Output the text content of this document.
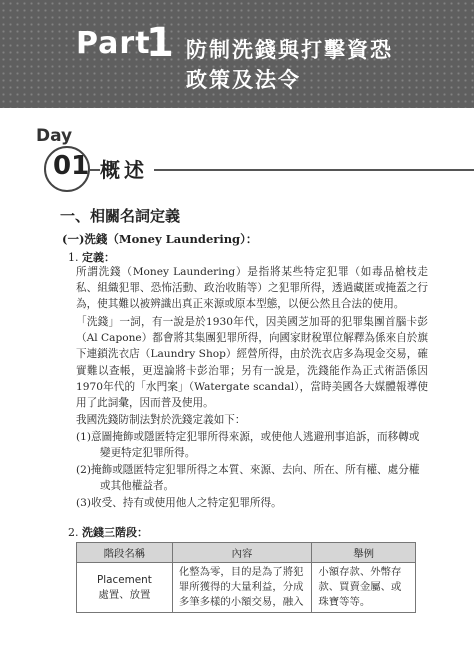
Part
1 防制洗錢與打擊資恐
政策及法令
Day
01 概述
一、相關名詞定義
(一)洗錢（Money Laundering）：
1. 定義：

所謂洗錢（Money Laundering）是指將某些特定犯罪（如毒品槍枝走私、組織犯罪、恐怖活動、政治收賄等）之犯罪所得，透過藏匿或掩蓋之行為，使其難以被辨識出真正來源或原本型態，以便公然且合法的使用。

「洗錢」一詞，有一說是於1930年代，因美國芝加哥的犯罪集團首腦卡彭（Al Capone）都會將其集團犯罪所得，向國家財稅單位解釋為係來自於旗下連鎖洗衣店（Laundry Shop）經營所得，由於洗衣店多為現金交易，確實難以查帳，更遑論將卡彭治罪；另有一說是，洗錢能作為正式術語係因1970年代的「水門案」（Watergate scandal），當時美國各大媒體報導使用了此詞彙，因而普及使用。

我國洗錢防制法對於洗錢定義如下：

(1)意圖掩飾或隱匿特定犯罪所得來源，或使他人逃避刑事追訴，而移轉或變更特定犯罪所得。
(2)掩飾或隱匿特定犯罪所得之本質、來源、去向、所在、所有權、處分權或其他權益者。
(3)收受、持有或使用他人之特定犯罪所得。
2. 洗錢三階段：
階段名稱	內容	舉例

Placement
處置、放置	化整為零，目的是為了將犯罪所獲得的大量利益，分成多筆多樣的小額交易，融入	小額存款、外幣存款、買賣金屬、或珠寶等等。
